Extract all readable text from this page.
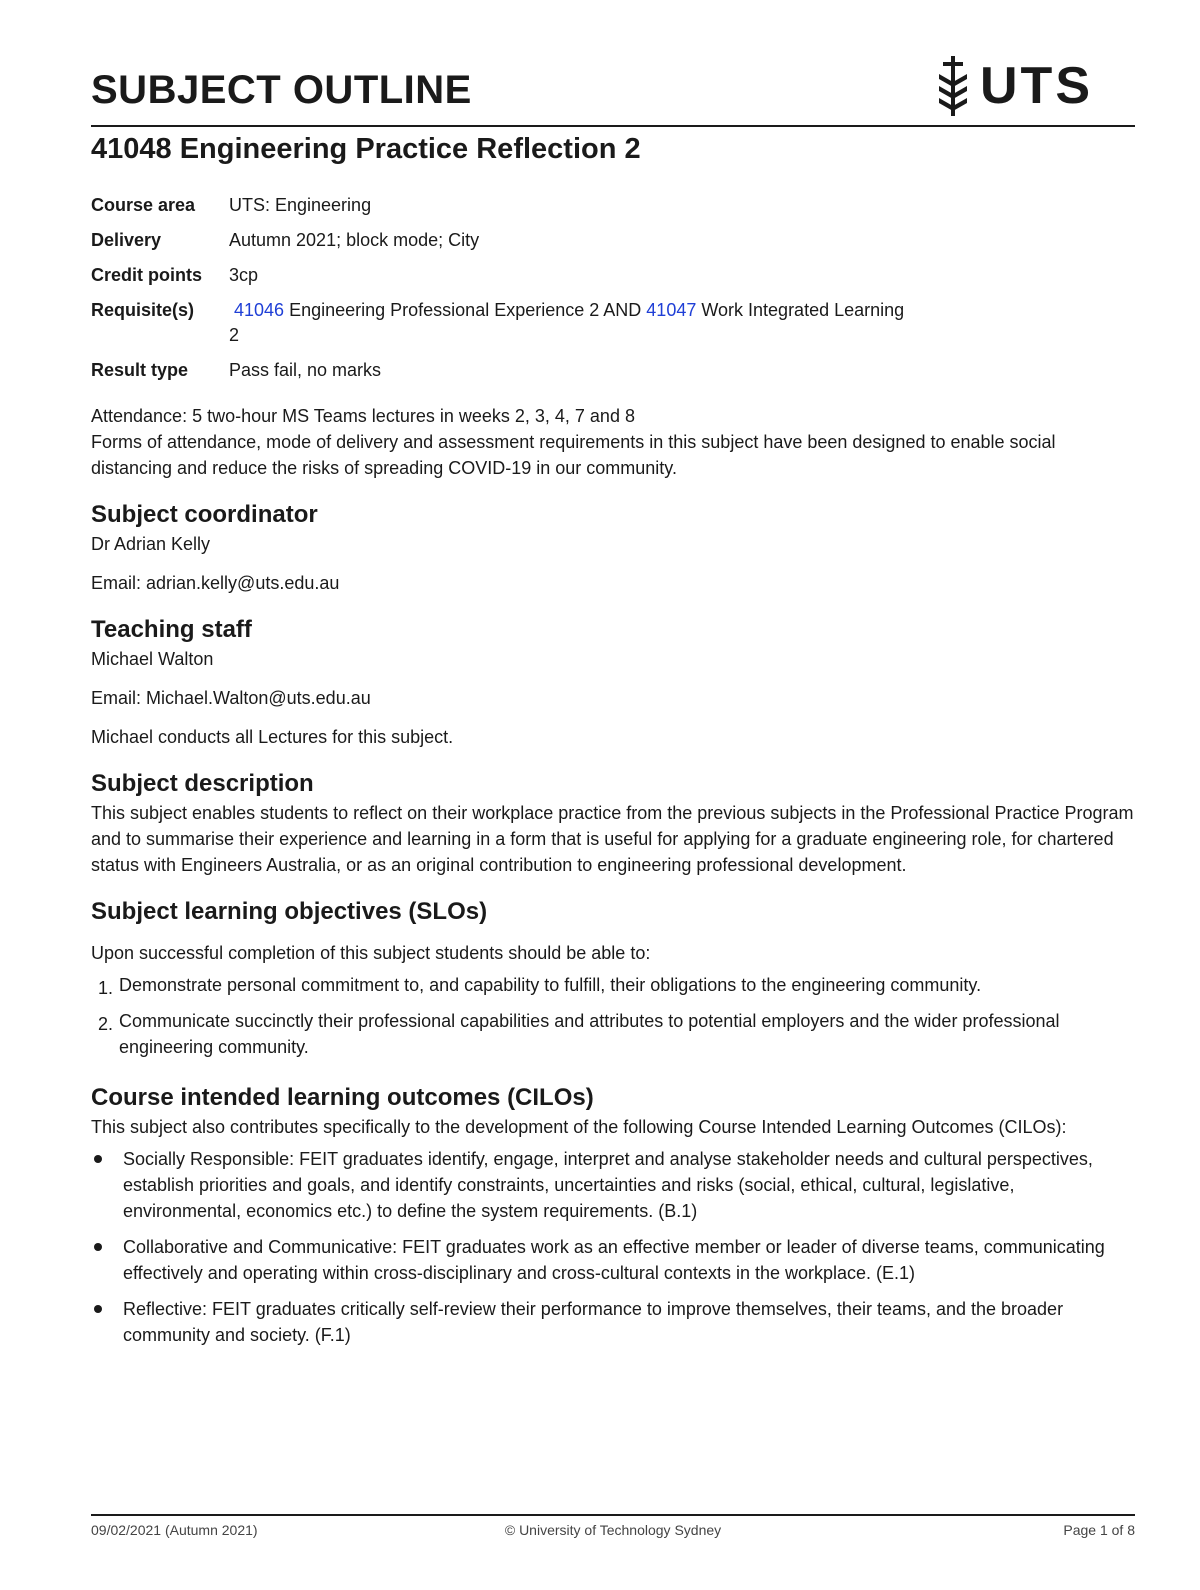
SUBJECT OUTLINE	UTS
41048 Engineering Practice Reflection 2
Course area	UTS: Engineering
Delivery	Autumn 2021; block mode; City
Credit points	3cp
Requisite(s)	41046 Engineering Professional Experience 2 AND 41047 Work Integrated Learning 2
Result type	Pass fail, no marks

Attendance: 5 two-hour MS Teams lectures in weeks 2, 3, 4, 7 and 8

Forms of attendance, mode of delivery and assessment requirements in this subject have been designed to enable social distancing and reduce the risks of spreading COVID-19 in our community.

Subject coordinator

Dr Adrian Kelly

Email: adrian.kelly@uts.edu.au

Teaching staff

Michael Walton

Email: Michael.Walton@uts.edu.au

Michael conducts all Lectures for this subject.

Subject description

This subject enables students to reflect on their workplace practice from the previous subjects in the Professional Practice Program and to summarise their experience and learning in a form that is useful for applying for a graduate engineering role, for chartered status with Engineers Australia, or as an original contribution to engineering professional development.

Subject learning objectives (SLOs)

Upon successful completion of this subject students should be able to:

1. Demonstrate personal commitment to, and capability to fulfill, their obligations to the engineering community.
2. Communicate succinctly their professional capabilities and attributes to potential employers and the wider professional engineering community.
Course intended learning outcomes (CILOs)

This subject also contributes specifically to the development of the following Course Intended Learning Outcomes (CILOs):

Socially Responsible: FEIT graduates identify, engage, interpret and analyse stakeholder needs and cultural perspectives, establish priorities and goals, and identify constraints, uncertainties and risks (social, ethical, cultural, legislative, environmental, economics etc.) to define the system requirements. (B.1)
Collaborative and Communicative: FEIT graduates work as an effective member or leader of diverse teams, communicating effectively and operating within cross-disciplinary and cross-cultural contexts in the workplace. (E.1)
Reflective: FEIT graduates critically self-review their performance to improve themselves, their teams, and the broader community and society. (F.1)
09/02/2021 (Autumn 2021)	© University of Technology Sydney	Page 1 of 8
